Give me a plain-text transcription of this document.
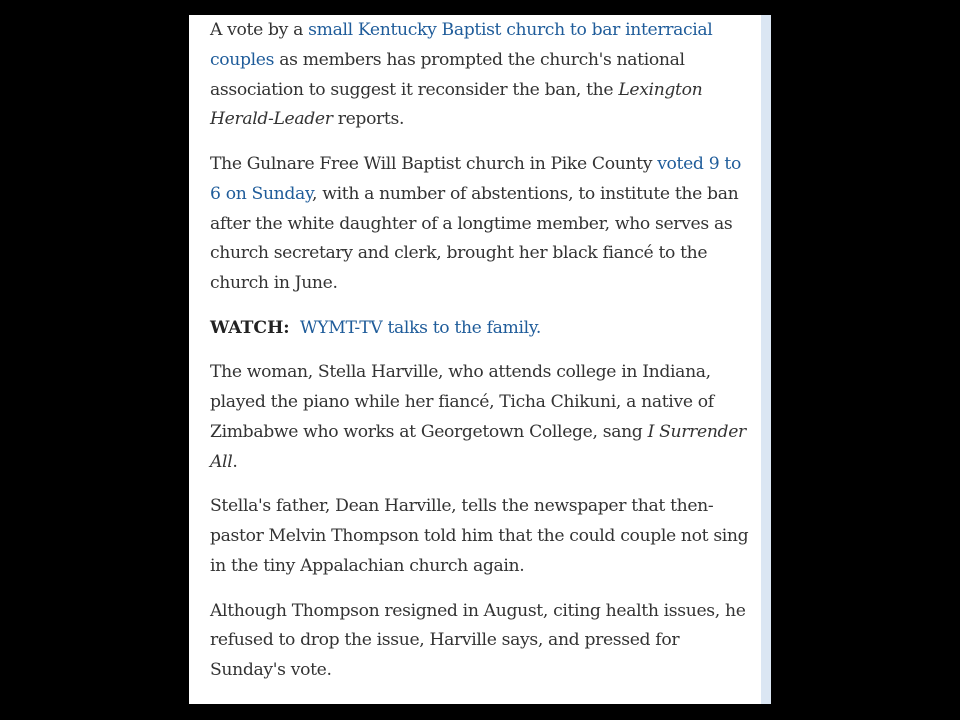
A vote by a small Kentucky Baptist church to bar interracial couples as members has prompted the church's national association to suggest it reconsider the ban, the Lexington Herald-Leader reports.

The Gulnare Free Will Baptist church in Pike County voted 9 to 6 on Sunday, with a number of abstentions, to institute the ban after the white daughter of a longtime member, who serves as church secretary and clerk, brought her black fiancé to the church in June.

WATCH: WYMT-TV talks to the family.

The woman, Stella Harville, who attends college in Indiana, played the piano while her fiancé, Ticha Chikuni, a native of Zimbabwe who works at Georgetown College, sang I Surrender All.

Stella's father, Dean Harville, tells the newspaper that then-pastor Melvin Thompson told him that the could couple not sing in the tiny Appalachian church again.

Although Thompson resigned in August, citing health issues, he refused to drop the issue, Harville says, and pressed for Sunday's vote.
